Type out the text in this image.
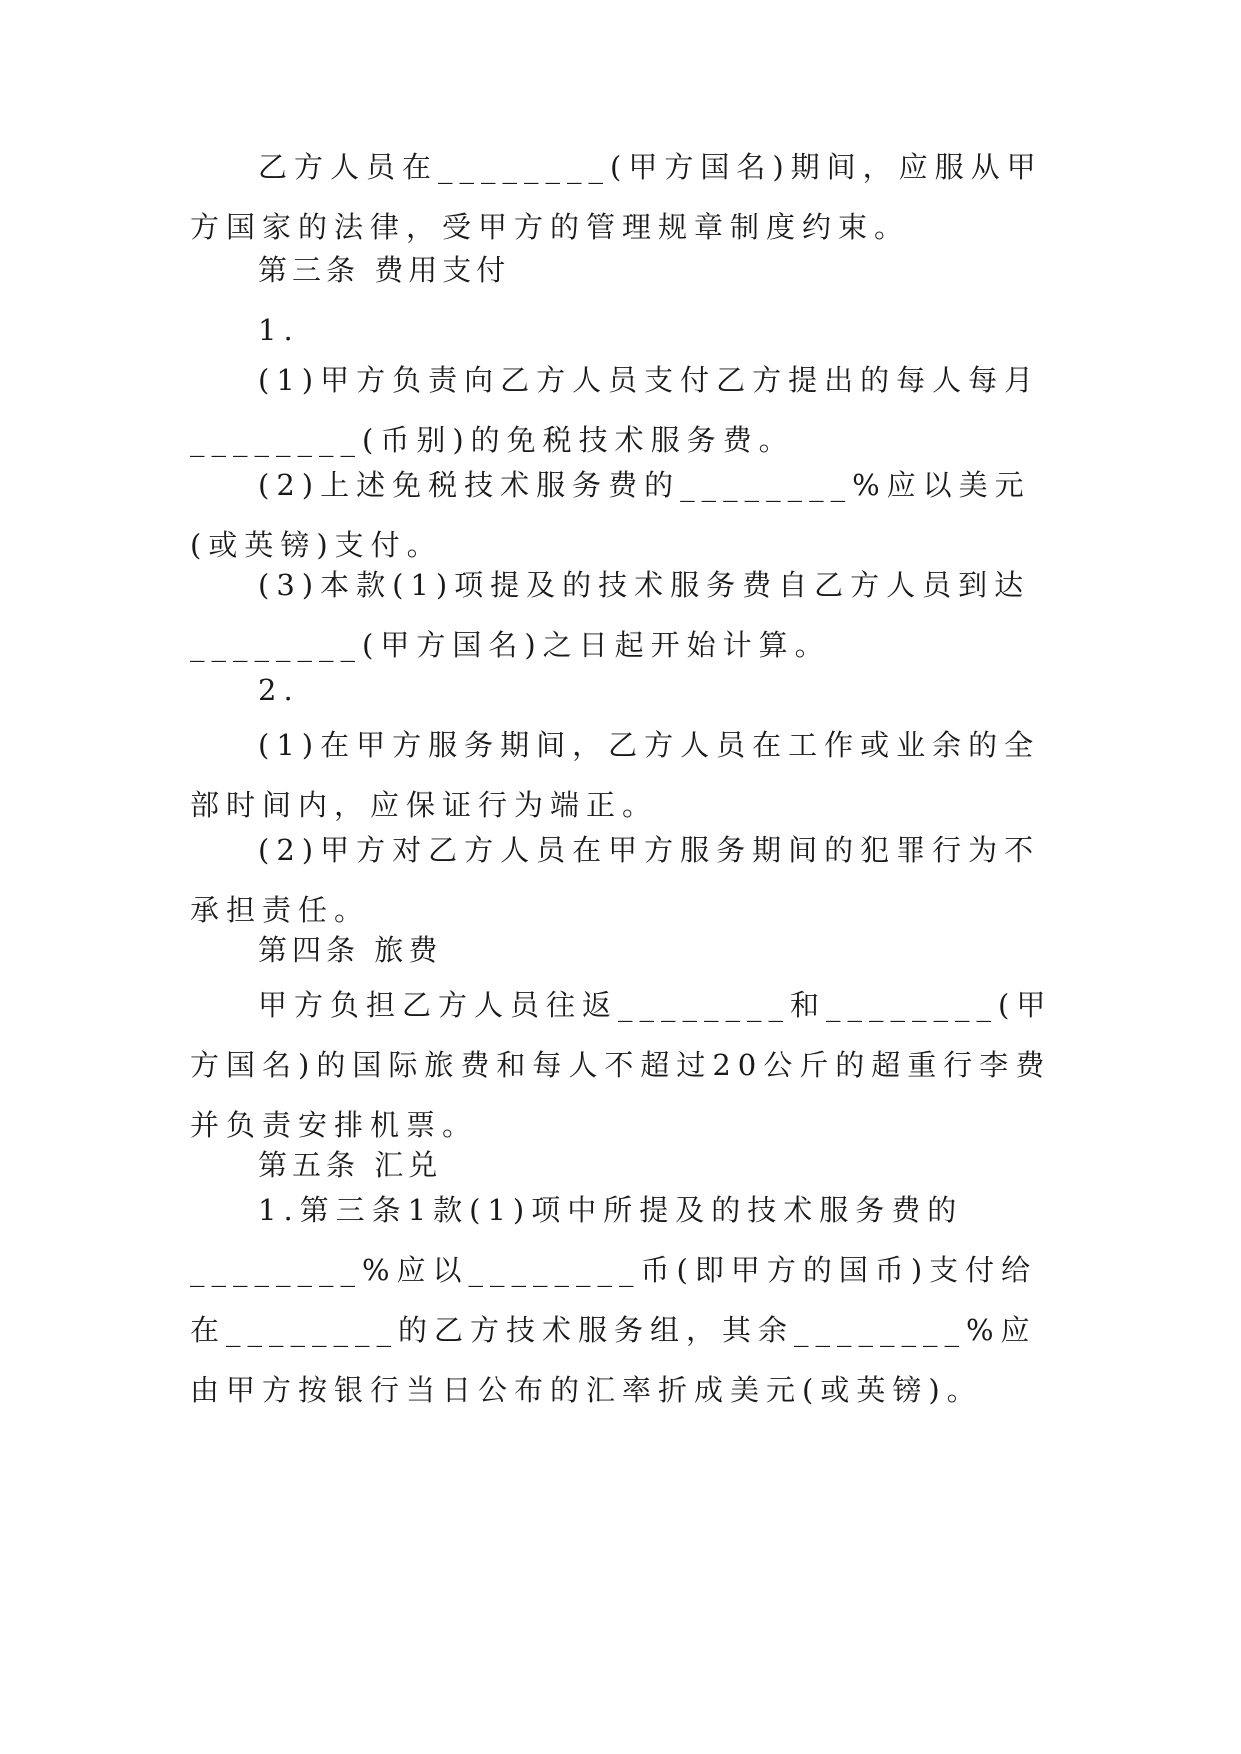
乙方人员在________(甲方国名)期间，应服从甲方国家的法律，受甲方的管理规章制度约束。

第三条 费用支付

1.

(1)甲方负责向乙方人员支付乙方提出的每人每月________(币别)的免税技术服务费。

(2)上述免税技术服务费的________%应以美元(或英镑)支付。

(3)本款(1)项提及的技术服务费自乙方人员到达________(甲方国名)之日起开始计算。

2.

(1)在甲方服务期间，乙方人员在工作或业余的全部时间内，应保证行为端正。

(2)甲方对乙方人员在甲方服务期间的犯罪行为不承担责任。

第四条 旅费

甲方负担乙方人员往返________和________(甲方国名)的国际旅费和每人不超过20公斤的超重行李费并负责安排机票。

第五条 汇兑

1.第三条1款(1)项中所提及的技术服务费的________%应以________币(即甲方的国币)支付给在________的乙方技术服务组，其余________%应由甲方按银行当日公布的汇率折成美元(或英镑)。
